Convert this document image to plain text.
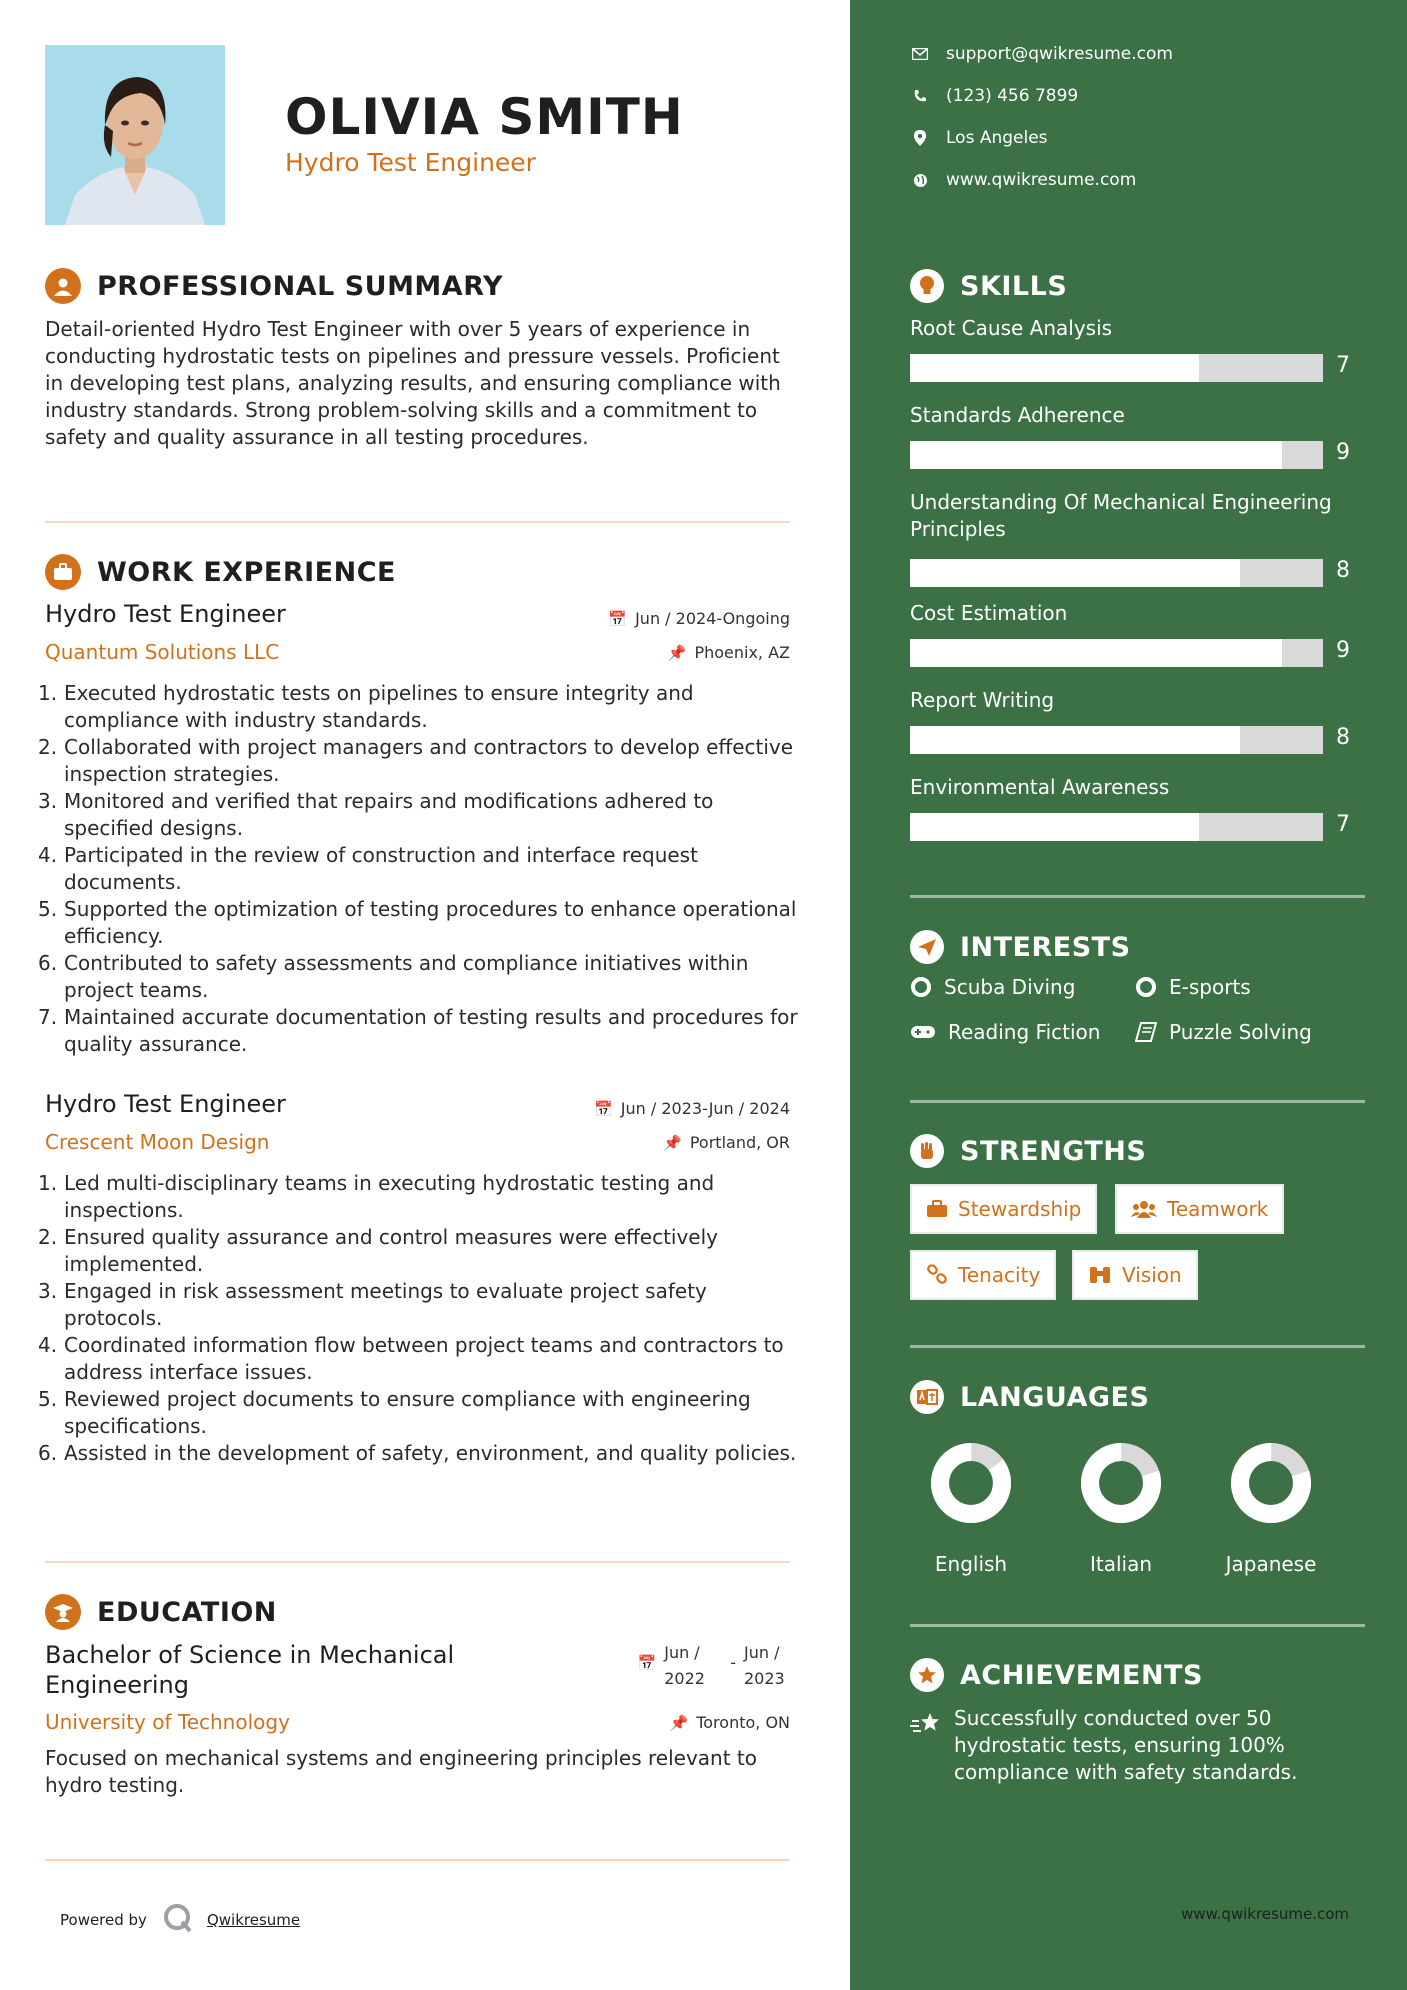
OLIVIA SMITH
Hydro Test Engineer
PROFESSIONAL SUMMARY
Detail-oriented Hydro Test Engineer with over 5 years of experience in conducting hydrostatic tests on pipelines and pressure vessels. Proficient in developing test plans, analyzing results, and ensuring compliance with industry standards. Strong problem-solving skills and a commitment to safety and quality assurance in all testing procedures.
WORK EXPERIENCE
Hydro Test Engineer	📅 Jun / 2024-Ongoing
Quantum Solutions LLC	📌 Phoenix, AZ
1. Executed hydrostatic tests on pipelines to ensure integrity and compliance with industry standards.
2. Collaborated with project managers and contractors to develop effective inspection strategies.
3. Monitored and verified that repairs and modifications adhered to specified designs.
4. Participated in the review of construction and interface request documents.
5. Supported the optimization of testing procedures to enhance operational efficiency.
6. Contributed to safety assessments and compliance initiatives within project teams.
7. Maintained accurate documentation of testing results and procedures for quality assurance.
Hydro Test Engineer	📅 Jun / 2023-Jun / 2024
Crescent Moon Design	📌 Portland, OR
1. Led multi-disciplinary teams in executing hydrostatic testing and inspections.
2. Ensured quality assurance and control measures were effectively implemented.
3. Engaged in risk assessment meetings to evaluate project safety protocols.
4. Coordinated information flow between project teams and contractors to address interface issues.
5. Reviewed project documents to ensure compliance with engineering specifications.
6. Assisted in the development of safety, environment, and quality policies.
EDUCATION
Bachelor of Science in Mechanical Engineering
📅
Jun / 2022
-
Jun / 2023
University of Technology	📌 Toronto, ON
Focused on mechanical systems and engineering principles relevant to hydro testing.
Powered by	Qwikresume
support@qwikresume.com
(123) 456 7899
Los Angeles
www.qwikresume.com
SKILLS
Root Cause Analysis
7
Standards Adherence
9
Understanding Of Mechanical Engineering Principles
8
Cost Estimation
9
Report Writing
8
Environmental Awareness
7
INTERESTS
Scuba Diving	E-sports
Reading Fiction	Puzzle Solving
STRENGTHS
Stewardship	Teamwork
Tenacity	Vision
LANGUAGES
English	Italian	Japanese
ACHIEVEMENTS
Successfully conducted over 50 hydrostatic tests, ensuring 100% compliance with safety standards.
www.qwikresume.com
